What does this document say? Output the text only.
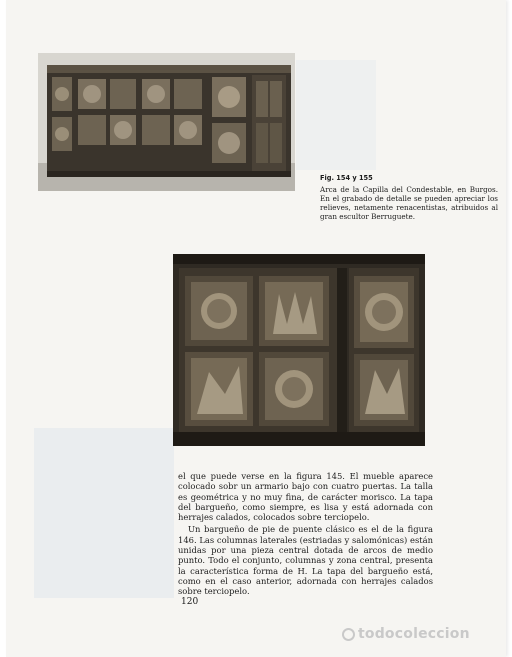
Fig. 154 y 155
Arca de la Capilla del Condestable, en Burgos. En el grabado de detalle se pueden apreciar los relieves, netamente renacentistas, atribuidos al gran escultor Berruguete.

el que puede verse en la figura 145. El mueble aparece colocado sobr un armario bajo con cuatro puertas. La talla es geométrica y no muy fina, de carácter morisco. La tapa del bargueño, como siempre, es lisa y está adornada con herrajes calados, colocados sobre terciopelo.

Un bargueño de pie de puente clásico es el de la figura 146. Las columnas laterales (estriadas y salomónicas) están unidas por una pieza central dotada de arcos de medio punto. Todo el conjunto, columnas y zona central, presenta la característica forma de H. La tapa del bargueño está, como en el caso anterior, adornada con herrajes calados sobre terciopelo.

120
todocoleccion
